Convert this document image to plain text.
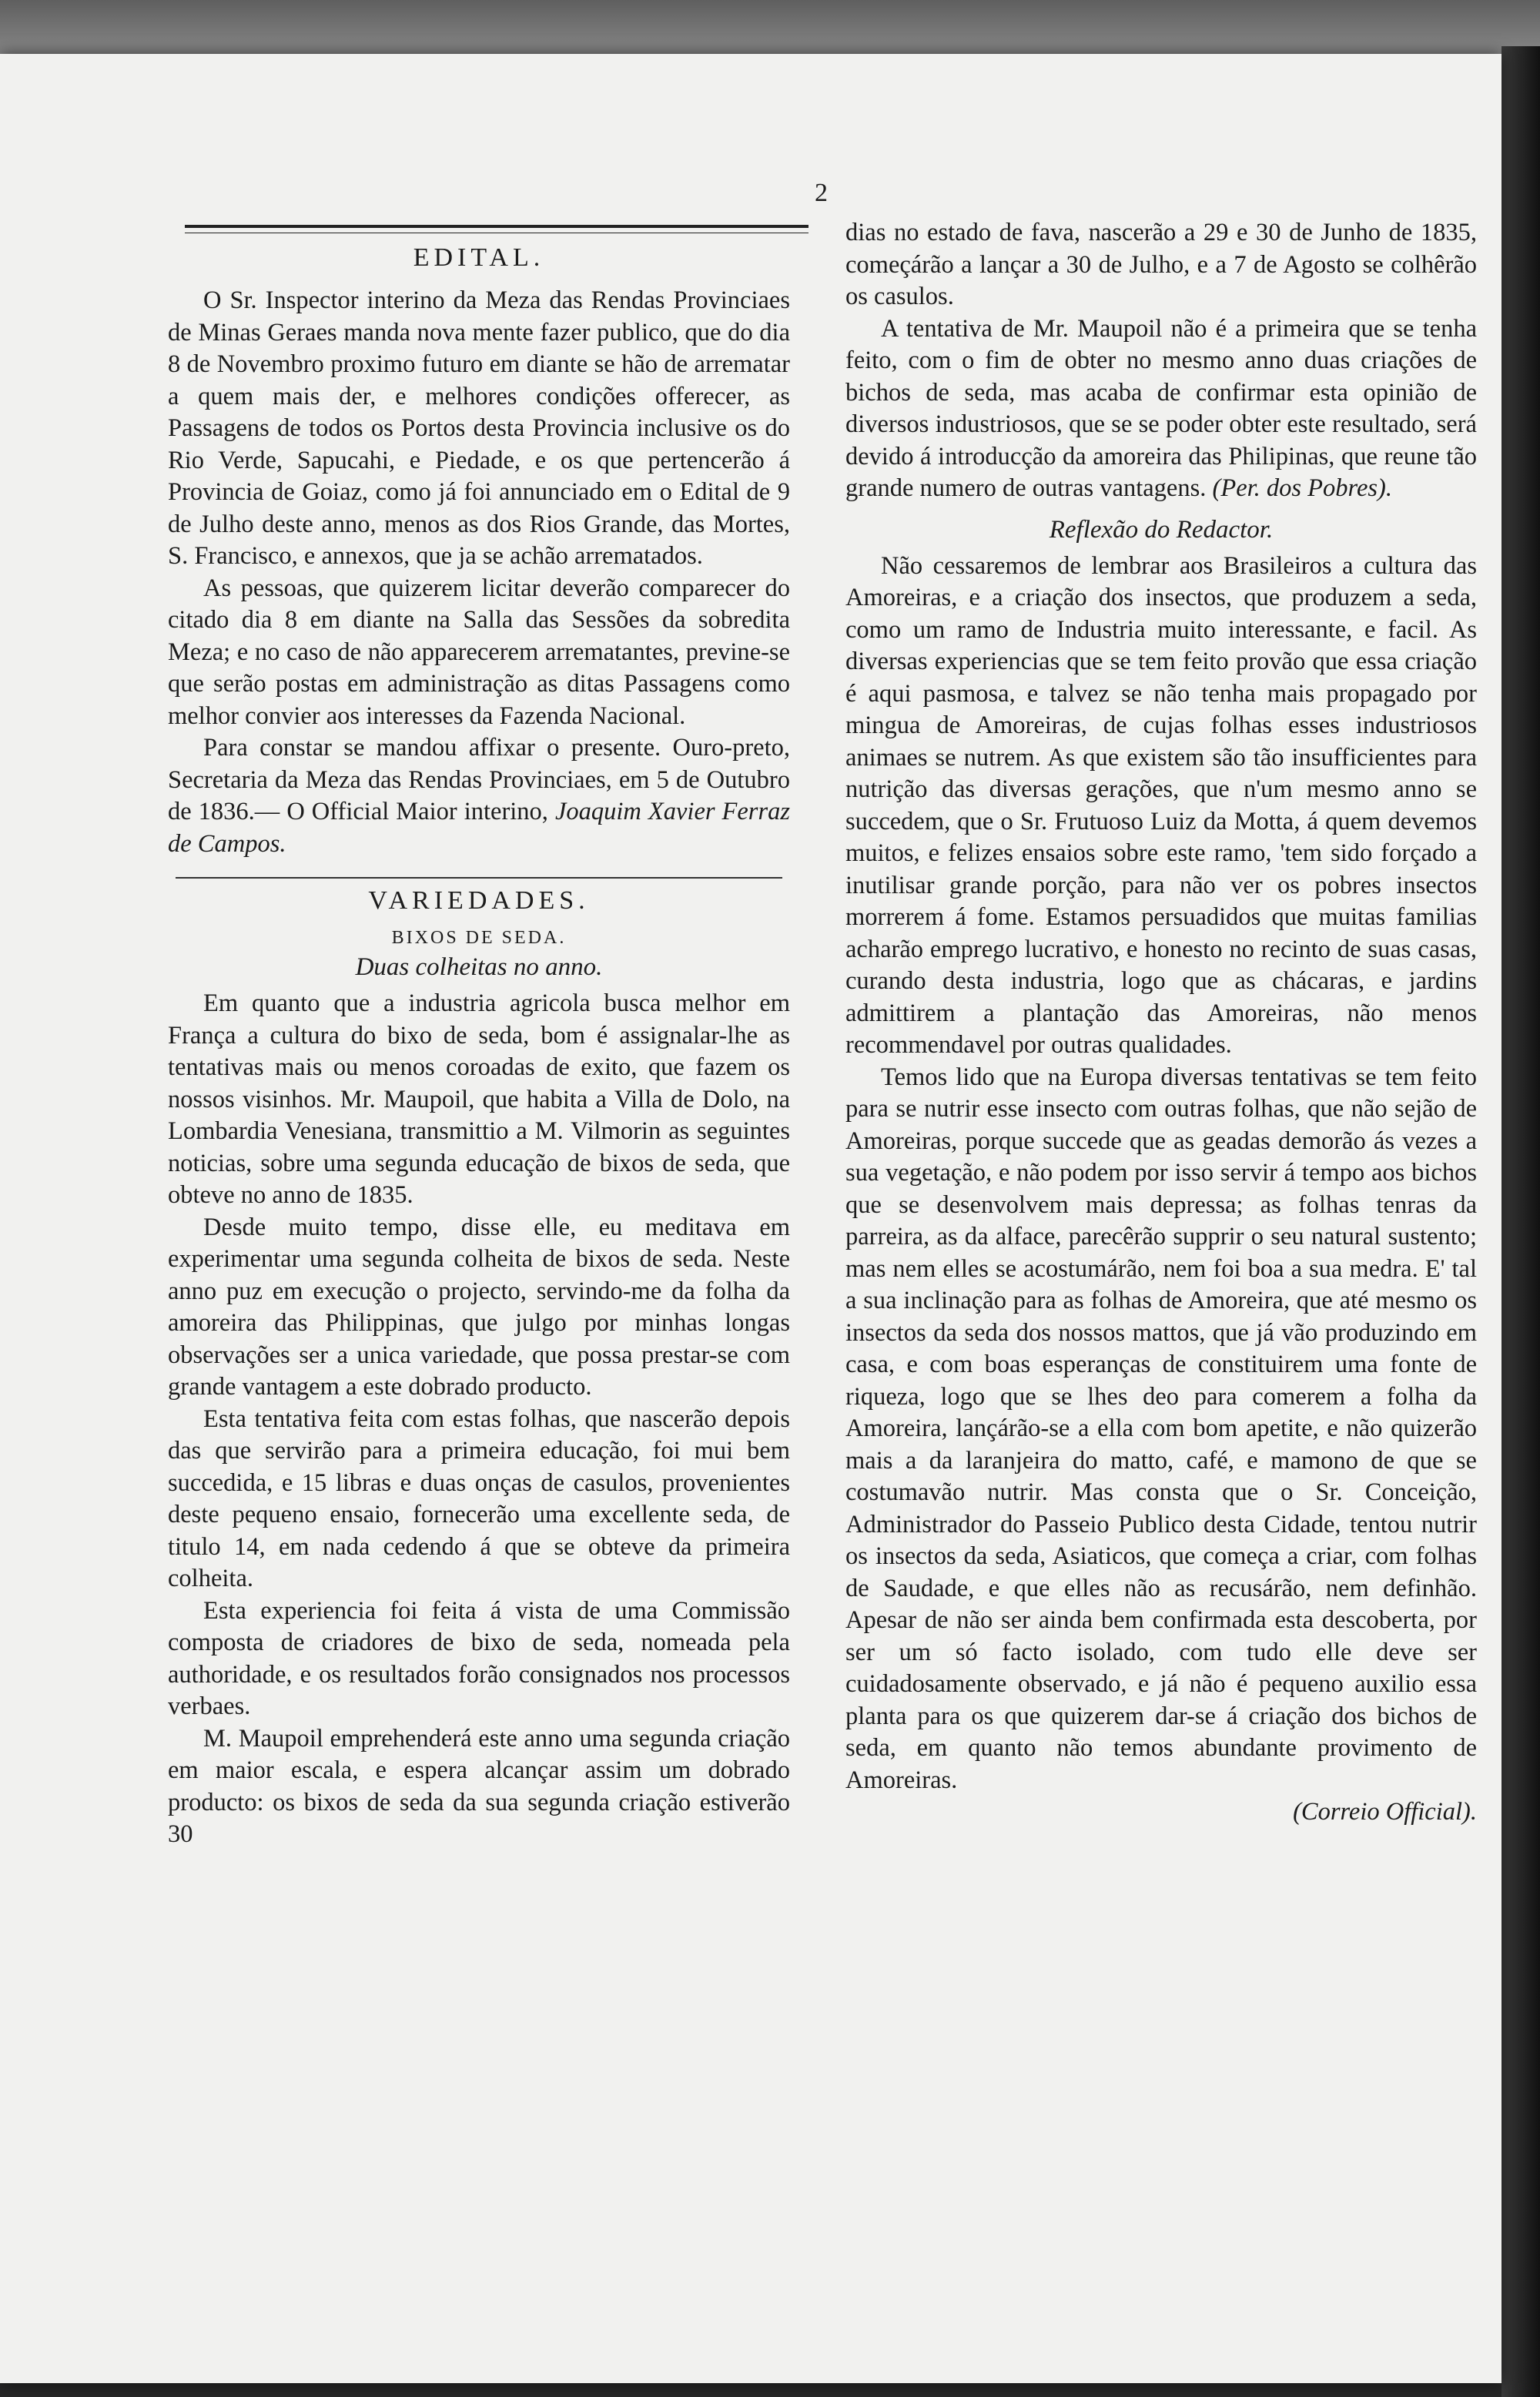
2
EDITAL.

O Sr. Inspector interino da Meza das Rendas Provinciaes de Minas Geraes manda nova mente fazer publico, que do dia 8 de Novembro proximo futuro em diante se hão de arrematar a quem mais der, e melhores condições offerecer, as Passagens de todos os Portos desta Provincia inclusive os do Rio Verde, Sapucahi, e Piedade, e os que pertencerão á Provincia de Goiaz, como já foi annunciado em o Edital de 9 de Julho deste anno, menos as dos Rios Grande, das Mortes, S. Francisco, e annexos, que ja se achão arrematados.

As pessoas, que quizerem licitar deverão comparecer do citado dia 8 em diante na Salla das Sessões da sobredita Meza; e no caso de não apparecerem arrematantes, previne-se que serão postas em administração as ditas Passagens como melhor convier aos interesses da Fazenda Nacional.

Para constar se mandou affixar o presente. Ouro-preto, Secretaria da Meza das Rendas Provinciaes, em 5 de Outubro de 1836.— O Official Maior interino, Joaquim Xavier Ferraz de Campos.

VARIEDADES.
BIXOS DE SEDA.
Duas colheitas no anno.

Em quanto que a industria agricola busca melhor em França a cultura do bixo de seda, bom é assignalar-lhe as tentativas mais ou menos coroadas de exito, que fazem os nossos visinhos. Mr. Maupoil, que habita a Villa de Dolo, na Lombardia Venesiana, transmittio a M. Vilmorin as seguintes noticias, sobre uma segunda educação de bixos de seda, que obteve no anno de 1835.

Desde muito tempo, disse elle, eu meditava em experimentar uma segunda colheita de bixos de seda. Neste anno puz em execução o projecto, servindo-me da folha da amoreira das Philippinas, que julgo por minhas longas observações ser a unica variedade, que possa prestar-se com grande vantagem a este dobrado producto.

Esta tentativa feita com estas folhas, que nascerão depois das que servirão para a primeira educação, foi mui bem succedida, e 15 libras e duas onças de casulos, provenientes deste pequeno ensaio, fornecerão uma excellente seda, de titulo 14, em nada cedendo á que se obteve da primeira colheita.

Esta experiencia foi feita á vista de uma Commissão composta de criadores de bixo de seda, nomeada pela authoridade, e os resultados forão consignados nos processos verbaes.

M. Maupoil emprehenderá este anno uma segunda criação em maior escala, e espera alcançar assim um dobrado producto: os bixos de seda da sua segunda criação estiverão 30

dias no estado de fava, nascerão a 29 e 30 de Junho de 1835, começárão a lançar a 30 de Julho, e a 7 de Agosto se colhêrão os casulos.

A tentativa de Mr. Maupoil não é a primeira que se tenha feito, com o fim de obter no mesmo anno duas criações de bichos de seda, mas acaba de confirmar esta opinião de diversos industriosos, que se se poder obter este resultado, será devido á introducção da amoreira das Philipinas, que reune tão grande numero de outras vantagens. (Per. dos Pobres).

Reflexão do Redactor.

Não cessaremos de lembrar aos Brasileiros a cultura das Amoreiras, e a criação dos insectos, que produzem a seda, como um ramo de Industria muito interessante, e facil. As diversas experiencias que se tem feito provão que essa criação é aqui pasmosa, e talvez se não tenha mais propagado por mingua de Amoreiras, de cujas folhas esses industriosos animaes se nutrem. As que existem são tão insufficientes para nutrição das diversas gerações, que n'um mesmo anno se succedem, que o Sr. Frutuoso Luiz da Motta, á quem devemos muitos, e felizes ensaios sobre este ramo, 'tem sido forçado a inutilisar grande porção, para não ver os pobres insectos morrerem á fome. Estamos persuadidos que muitas familias acharão emprego lucrativo, e honesto no recinto de suas casas, curando desta industria, logo que as chácaras, e jardins admittirem a plantação das Amoreiras, não menos recommendavel por outras qualidades.

Temos lido que na Europa diversas tentativas se tem feito para se nutrir esse insecto com outras folhas, que não sejão de Amoreiras, porque succede que as geadas demorão ás vezes a sua vegetação, e não podem por isso servir á tempo aos bichos que se desenvolvem mais depressa; as folhas tenras da parreira, as da alface, parecêrão supprir o seu natural sustento; mas nem elles se acostumárão, nem foi boa a sua medra. E' tal a sua inclinação para as folhas de Amoreira, que até mesmo os insectos da seda dos nossos mattos, que já vão produzindo em casa, e com boas esperanças de constituirem uma fonte de riqueza, logo que se lhes deo para comerem a folha da Amoreira, lançárão-se a ella com bom apetite, e não quizerão mais a da laranjeira do matto, café, e mamono de que se costumavão nutrir. Mas consta que o Sr. Conceição, Administrador do Passeio Publico desta Cidade, tentou nutrir os insectos da seda, Asiaticos, que começa a criar, com folhas de Saudade, e que elles não as recusárão, nem definhão. Apesar de não ser ainda bem confirmada esta descoberta, por ser um só facto isolado, com tudo elle deve ser cuidadosamente observado, e já não é pequeno auxilio essa planta para os que quizerem dar-se á criação dos bichos de seda, em quanto não temos abundante provimento de Amoreiras.

(Correio Official).
